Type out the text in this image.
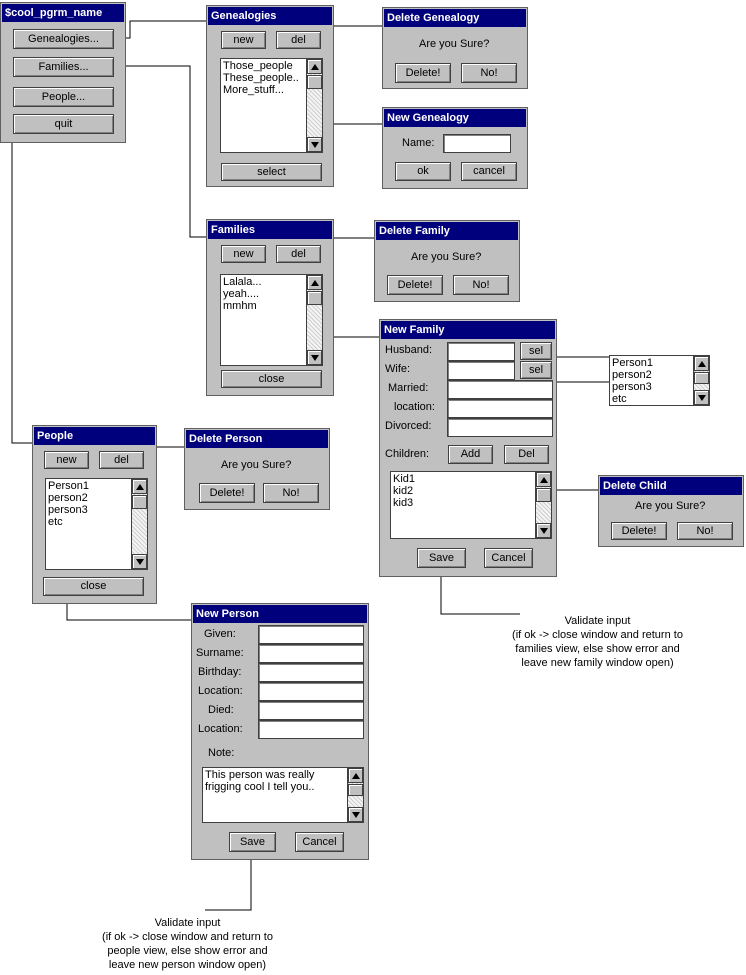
$cool_pgrm_name
Genealogies...
Families...
People...
quit
Genealogies
new	del
Those_people
These_people..
More_stuff...
select
Delete Genealogy
Are you Sure?
Delete!	No!
New Genealogy
Name:
ok	cancel
Families
new	del
Lalala...
yeah....
mmhm
close
Delete Family
Are you Sure?
Delete!	No!
New Family
Husband:	sel
Wife:	sel
Married:
location:
Divorced:
Children:	Add	Del
Kid1
kid2
kid3
Save	Cancel
Person1
person2
person3
etc
Delete Child
Are you Sure?
Delete!	No!
People
new	del
Person1
person2
person3
etc
close
Delete Person
Are you Sure?
Delete!	No!
New Person
Given:
Surname:
Birthday:
Location:
Died:
Location:
Note:
This person was really
frigging cool I tell you..
Save	Cancel
Validate input
(if ok -> close window and return to
families view, else show error and
leave new family window open)
Validate input
(if ok -> close window and return to
people view, else show error and
leave new person window open)
